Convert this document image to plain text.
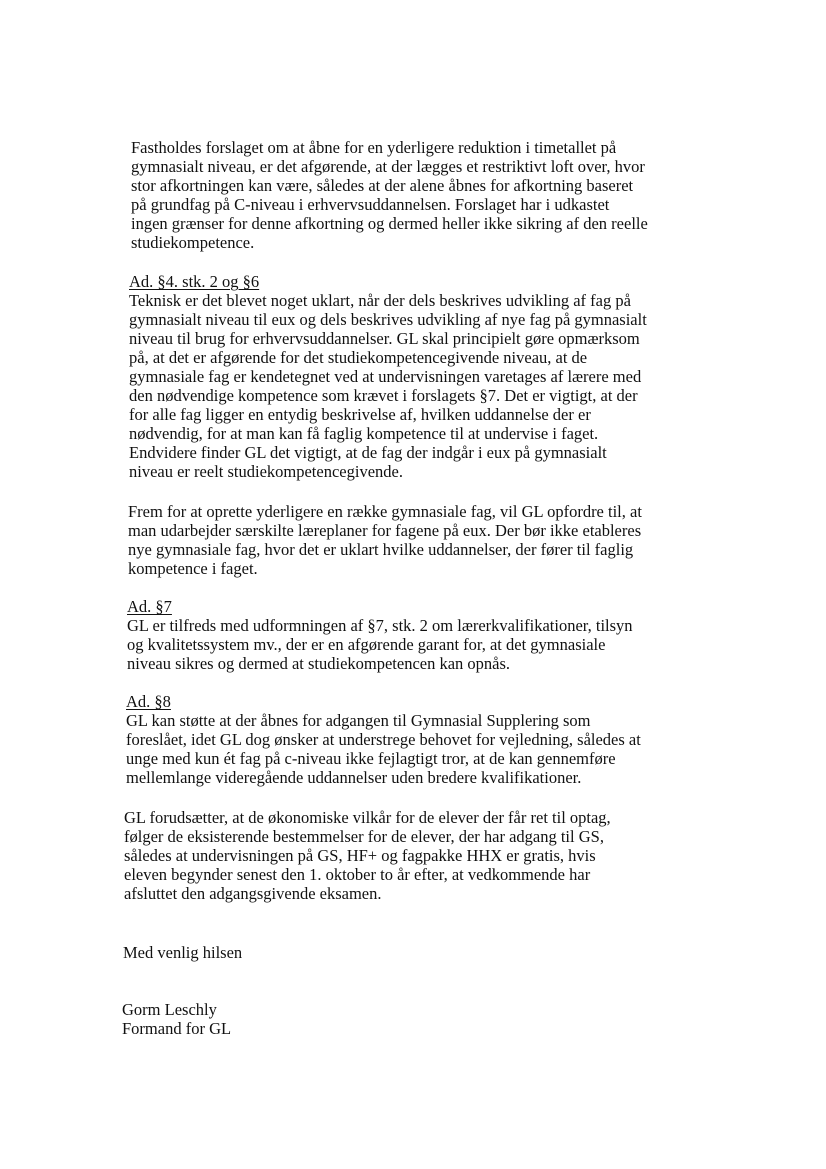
Fastholdes forslaget om at åbne for en yderligere reduktion i timetallet på
gymnasialt niveau, er det afgørende, at der lægges et restriktivt loft over, hvor
stor afkortningen kan være, således at der alene åbnes for afkortning baseret
på grundfag på C-niveau i erhvervsuddannelsen. Forslaget har i udkastet
ingen grænser for denne afkortning og dermed heller ikke sikring af den reelle
studiekompetence.
Ad. §4. stk. 2 og §6
Teknisk er det blevet noget uklart, når der dels beskrives udvikling af fag på
gymnasialt niveau til eux og dels beskrives udvikling af nye fag på gymnasialt
niveau til brug for erhvervsuddannelser. GL skal principielt gøre opmærksom
på, at det er afgørende for det studiekompetencegivende niveau, at de
gymnasiale fag er kendetegnet ved at undervisningen varetages af lærere med
den nødvendige kompetence som krævet i forslagets §7. Det er vigtigt, at der
for alle fag ligger en entydig beskrivelse af, hvilken uddannelse der er
nødvendig, for at man kan få faglig kompetence til at undervise i faget.
Endvidere finder GL det vigtigt, at de fag der indgår i eux på gymnasialt
niveau er reelt studiekompetencegivende.
Frem for at oprette yderligere en række gymnasiale fag, vil GL opfordre til, at
man udarbejder særskilte læreplaner for fagene på eux. Der bør ikke etableres
nye gymnasiale fag, hvor det er uklart hvilke uddannelser, der fører til faglig
kompetence i faget.
Ad. §7
GL er tilfreds med udformningen af §7, stk. 2 om lærerkvalifikationer, tilsyn
og kvalitetssystem mv., der er en afgørende garant for, at det gymnasiale
niveau sikres og dermed at studiekompetencen kan opnås.
Ad. §8
GL kan støtte at der åbnes for adgangen til Gymnasial Supplering som
foreslået, idet GL dog ønsker at understrege behovet for vejledning, således at
unge med kun ét fag på c-niveau ikke fejlagtigt tror, at de kan gennemføre
mellemlange videregående uddannelser uden bredere kvalifikationer.
GL forudsætter, at de økonomiske vilkår for de elever der får ret til optag,
følger de eksisterende bestemmelser for de elever, der har adgang til GS,
således at undervisningen på GS, HF+ og fagpakke HHX er gratis, hvis
eleven begynder senest den 1. oktober to år efter, at vedkommende har
afsluttet den adgangsgivende eksamen.
Med venlig hilsen
Gorm Leschly
Formand for GL
